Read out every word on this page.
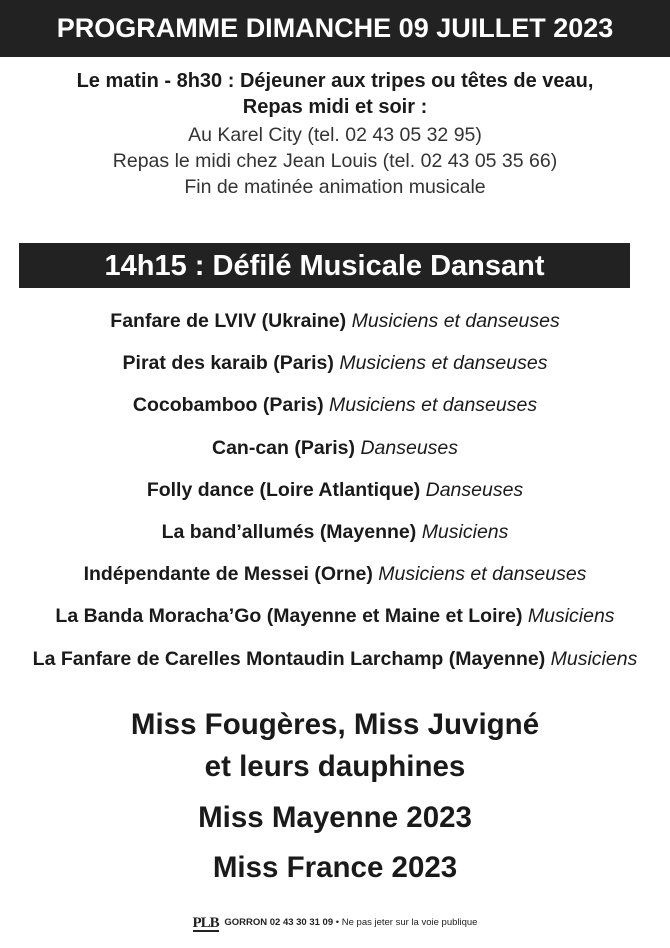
PROGRAMME DIMANCHE 09 JUILLET 2023
Le matin - 8h30 : Déjeuner aux tripes ou têtes de veau,
Repas midi et soir :
Au Karel City (tel. 02 43 05 32 95)
Repas le midi chez Jean Louis (tel. 02 43 05 35 66)
Fin de matinée animation musicale
14h15 : Défilé Musicale Dansant
Fanfare de LVIV (Ukraine) Musiciens et danseuses
Pirat des karaib (Paris) Musiciens et danseuses
Cocobamboo (Paris) Musiciens et danseuses
Can-can (Paris) Danseuses
Folly dance (Loire Atlantique) Danseuses
La band’allumés (Mayenne) Musiciens
Indépendante de Messei (Orne) Musiciens et danseuses
La Banda Moracha’Go (Mayenne et Maine et Loire) Musiciens
La Fanfare de Carelles Montaudin Larchamp (Mayenne) Musiciens
Miss Fougères, Miss Juvigné
et leurs dauphines
Miss Mayenne 2023
Miss France 2023
PLB GORRON 02 43 30 31 09 • Ne pas jeter sur la voie publique
